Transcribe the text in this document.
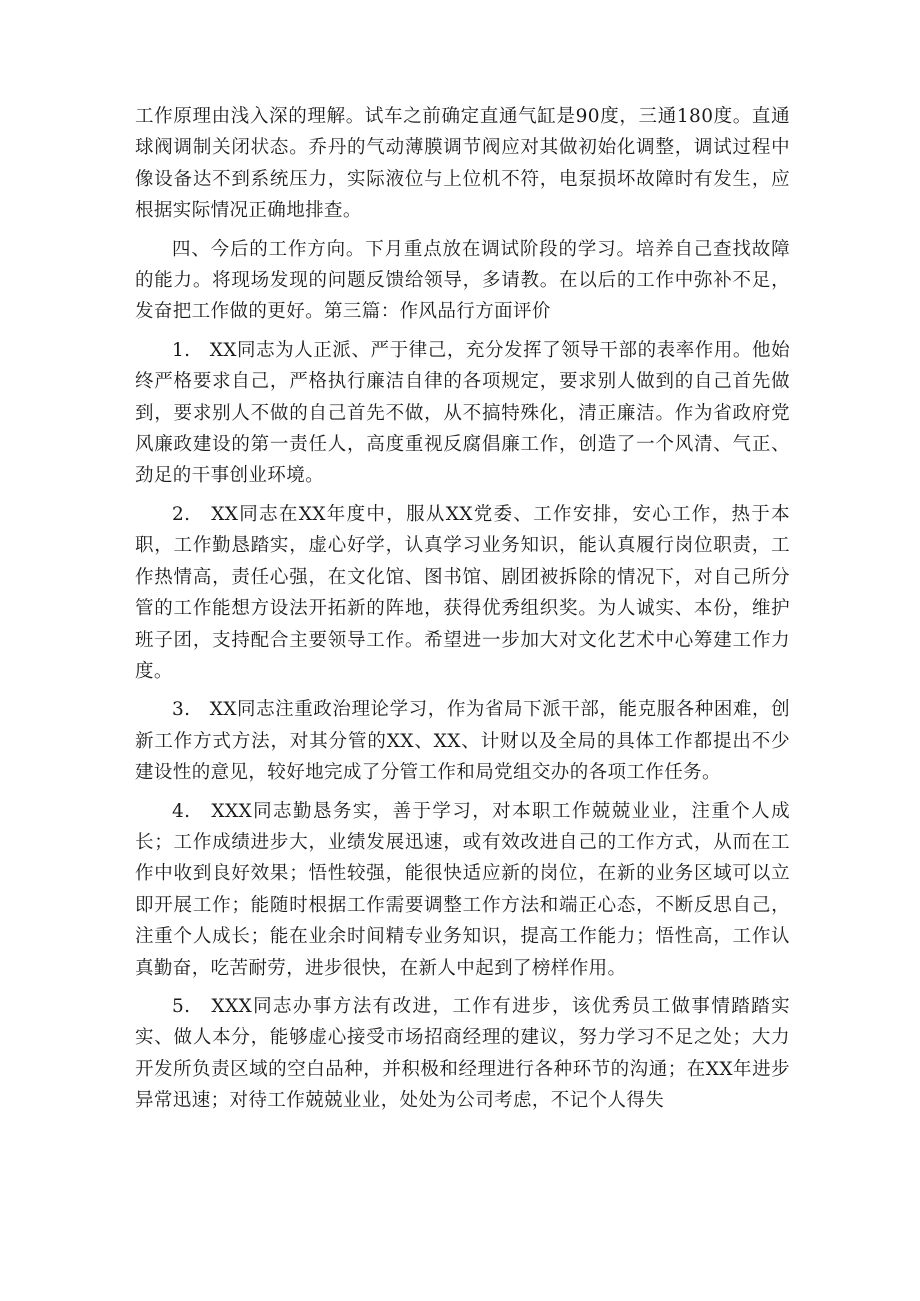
工作原理由浅入深的理解。试车之前确定直通气缸是90度，三通180度。直通球阀调制关闭状态。乔丹的气动薄膜调节阀应对其做初始化调整，调试过程中像设备达不到系统压力，实际液位与上位机不符，电泵损坏故障时有发生，应根据实际情况正确地排查。

四、今后的工作方向。下月重点放在调试阶段的学习。培养自己查找故障的能力。将现场发现的问题反馈给领导，多请教。在以后的工作中弥补不足，发奋把工作做的更好。第三篇：作风品行方面评价

1.　XX同志为人正派、严于律己，充分发挥了领导干部的表率作用。他始终严格要求自己，严格执行廉洁自律的各项规定，要求别人做到的自己首先做到，要求别人不做的自己首先不做，从不搞特殊化，清正廉洁。作为省政府党风廉政建设的第一责任人，高度重视反腐倡廉工作，创造了一个风清、气正、劲足的干事创业环境。

2.　XX同志在XX年度中，服从XX党委、工作安排，安心工作，热于本职，工作勤恳踏实，虚心好学，认真学习业务知识，能认真履行岗位职责，工作热情高，责任心强，在文化馆、图书馆、剧团被拆除的情况下，对自己所分管的工作能想方设法开拓新的阵地，获得优秀组织奖。为人诚实、本份，维护班子团，支持配合主要领导工作。希望进一步加大对文化艺术中心筹建工作力度。

3.　XX同志注重政治理论学习，作为省局下派干部，能克服各种困难，创新工作方式方法，对其分管的XX、XX、计财以及全局的具体工作都提出不少建设性的意见，较好地完成了分管工作和局党组交办的各项工作任务。

4.　XXX同志勤恳务实，善于学习，对本职工作兢兢业业，注重个人成长；工作成绩进步大，业绩发展迅速，或有效改进自己的工作方式，从而在工作中收到良好效果；悟性较强，能很快适应新的岗位，在新的业务区域可以立即开展工作；能随时根据工作需要调整工作方法和端正心态，不断反思自己，注重个人成长；能在业余时间精专业务知识，提高工作能力；悟性高，工作认真勤奋，吃苦耐劳，进步很快，在新人中起到了榜样作用。

5.　XXX同志办事方法有改进，工作有进步，该优秀员工做事情踏踏实实、做人本分，能够虚心接受市场招商经理的建议，努力学习不足之处；大力开发所负责区域的空白品种，并积极和经理进行各种环节的沟通；在XX年进步异常迅速；对待工作兢兢业业，处处为公司考虑，不记个人得失
